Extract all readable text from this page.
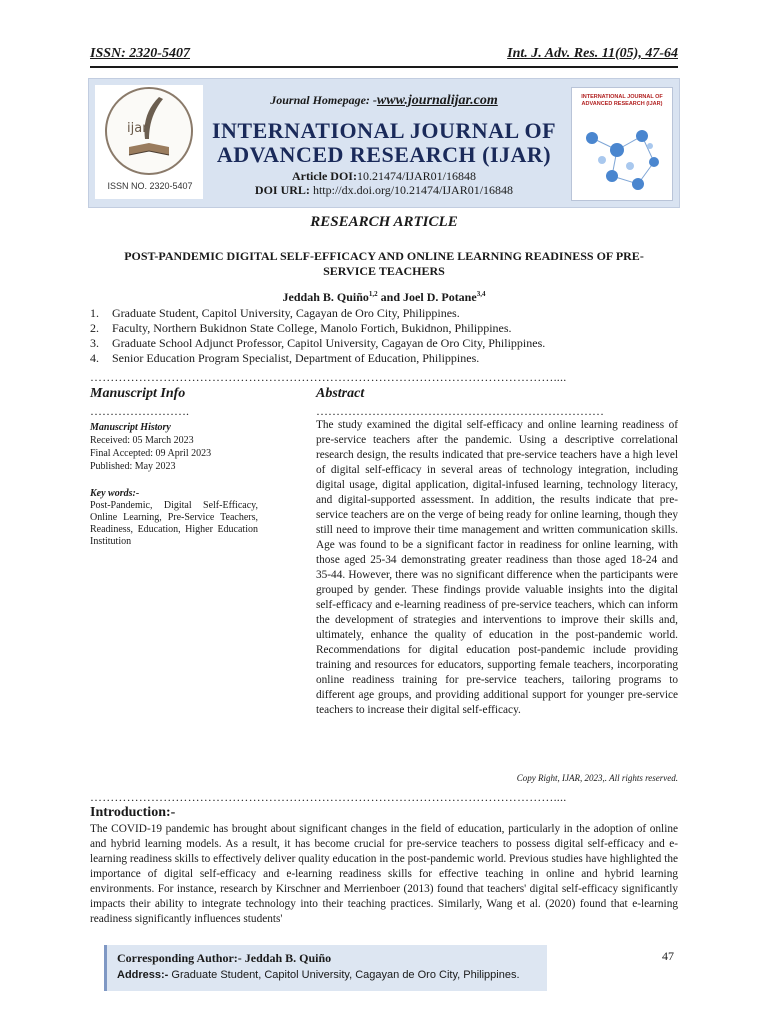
ISSN: 2320-5407	Int. J. Adv. Res. 11(05), 47-64
ijar
ISSN NO. 2320-5407
Journal Homepage: -www.journalijar.com
INTERNATIONAL JOURNAL OF
ADVANCED RESEARCH (IJAR)
Article DOI:10.21474/IJAR01/16848
DOI URL: http://dx.doi.org/10.21474/IJAR01/16848
INTERNATIONAL JOURNAL OF ADVANCED RESEARCH (IJAR)
RESEARCH ARTICLE
POST-PANDEMIC DIGITAL SELF-EFFICACY AND ONLINE LEARNING READINESS OF PRE-SERVICE TEACHERS
Jeddah B. Quiño$^{1,2}$ and Joel D. Potane$^{3,4}$
1. Graduate Student, Capitol University, Cagayan de Oro City, Philippines.
2. Faculty, Northern Bukidnon State College, Manolo Fortich, Bukidnon, Philippines.
3. Graduate School Adjunct Professor, Capitol University, Cagayan de Oro City, Philippines.
4. Senior Education Program Specialist, Department of Education, Philippines.
……………………………………………………………………………………………………....
Manuscript Info
…………………….
Manuscript History
Received: 05 March 2023
Final Accepted: 09 April 2023
Published: May 2023
Key words:-
Post-Pandemic, Digital Self-Efficacy, Online Learning, Pre-Service Teachers, Readiness, Education, Higher Education Institution
Abstract
………………………………………………………………
The study examined the digital self-efficacy and online learning readiness of pre-service teachers after the pandemic. Using a descriptive correlational research design, the results indicated that pre-service teachers have a high level of digital self-efficacy in several areas of technology integration, including digital usage, digital application, digital-infused learning, technology literacy, and digital-supported assessment. In addition, the results indicate that pre-service teachers are on the verge of being ready for online learning, though they still need to improve their time management and written communication skills. Age was found to be a significant factor in readiness for online learning, with those aged 25-34 demonstrating greater readiness than those aged 18-24 and 35-44. However, there was no significant difference when the participants were grouped by gender. These findings provide valuable insights into the digital self-efficacy and e-learning readiness of pre-service teachers, which can inform the development of strategies and interventions to improve their skills and, ultimately, enhance the quality of education in the post-pandemic world. Recommendations for digital education post-pandemic include providing training and resources for educators, supporting female teachers, incorporating online readiness training for pre-service teachers, tailoring programs to different age groups, and providing additional support for younger pre-service teachers to increase their digital self-efficacy.
Copy Right, IJAR, 2023,. All rights reserved.
……………………………………………………………………………………………………....
Introduction:-
The COVID-19 pandemic has brought about significant changes in the field of education, particularly in the adoption of online and hybrid learning models. As a result, it has become crucial for pre-service teachers to possess digital self-efficacy and e-learning readiness skills to effectively deliver quality education in the post-pandemic world. Previous studies have highlighted the importance of digital self-efficacy and e-learning readiness skills for effective teaching in online and hybrid learning environments. For instance, research by Kirschner and Merrienboer (2013) found that teachers' digital self-efficacy significantly impacts their ability to integrate technology into their teaching practices. Similarly, Wang et al. (2020) found that e-learning readiness significantly influences students'
47
Corresponding Author:- Jeddah B. Quiño
Address:- Graduate Student, Capitol University, Cagayan de Oro City, Philippines.
